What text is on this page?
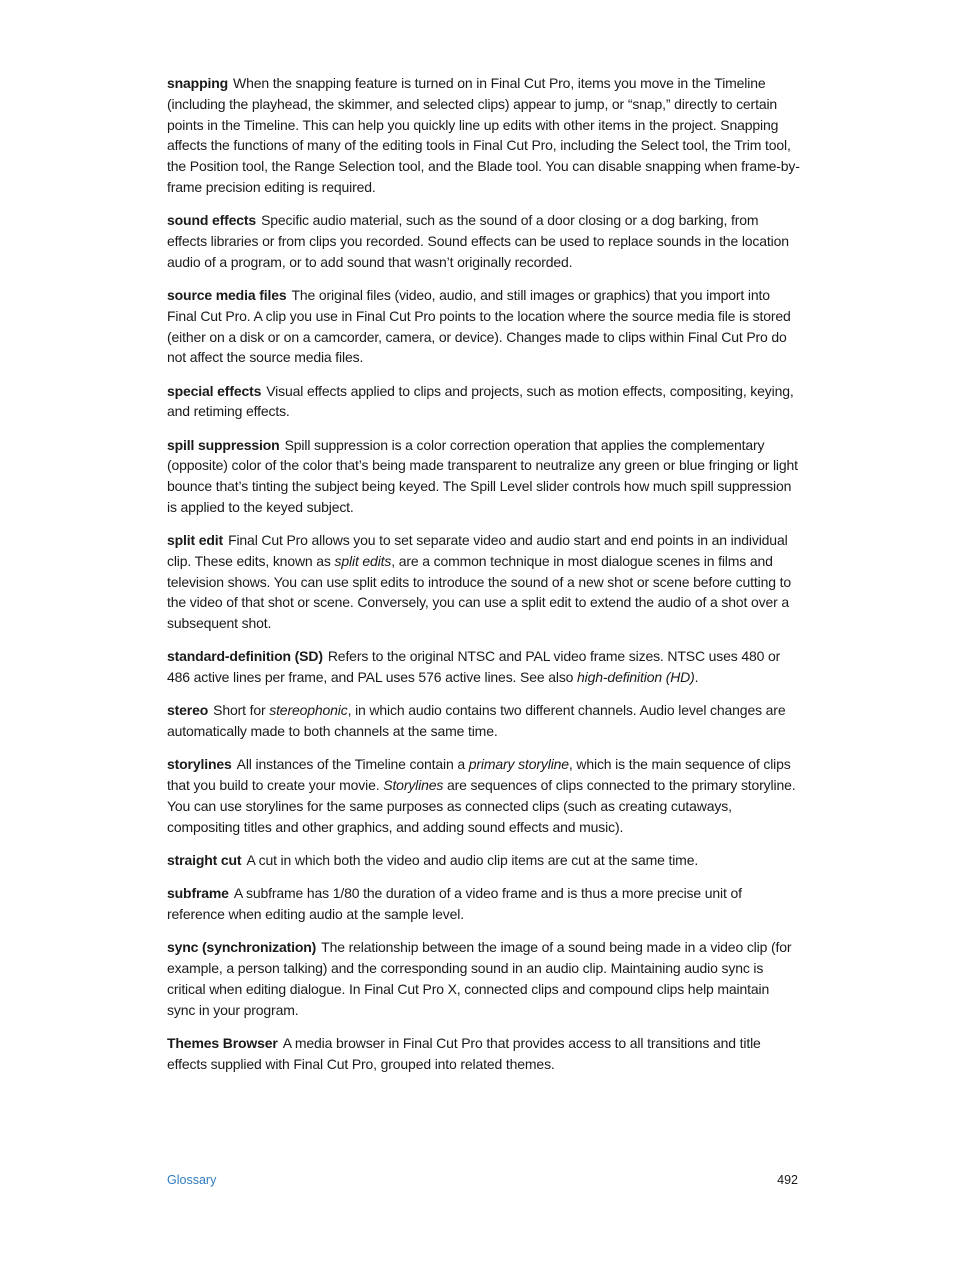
snapping When the snapping feature is turned on in Final Cut Pro, items you move in the Timeline (including the playhead, the skimmer, and selected clips) appear to jump, or “snap,” directly to certain points in the Timeline. This can help you quickly line up edits with other items in the project. Snapping affects the functions of many of the editing tools in Final Cut Pro, including the Select tool, the Trim tool, the Position tool, the Range Selection tool, and the Blade tool. You can disable snapping when frame-by-frame precision editing is required.

sound effects Specific audio material, such as the sound of a door closing or a dog barking, from effects libraries or from clips you recorded. Sound effects can be used to replace sounds in the location audio of a program, or to add sound that wasn’t originally recorded.

source media files The original files (video, audio, and still images or graphics) that you import into Final Cut Pro. A clip you use in Final Cut Pro points to the location where the source media file is stored (either on a disk or on a camcorder, camera, or device). Changes made to clips within Final Cut Pro do not affect the source media files.

special effects Visual effects applied to clips and projects, such as motion effects, compositing, keying, and retiming effects.

spill suppression Spill suppression is a color correction operation that applies the complementary (opposite) color of the color that’s being made transparent to neutralize any green or blue fringing or light bounce that’s tinting the subject being keyed. The Spill Level slider controls how much spill suppression is applied to the keyed subject.

split edit Final Cut Pro allows you to set separate video and audio start and end points in an individual clip. These edits, known as split edits, are a common technique in most dialogue scenes in films and television shows. You can use split edits to introduce the sound of a new shot or scene before cutting to the video of that shot or scene. Conversely, you can use a split edit to extend the audio of a shot over a subsequent shot.

standard-definition (SD) Refers to the original NTSC and PAL video frame sizes. NTSC uses 480 or 486 active lines per frame, and PAL uses 576 active lines. See also high-definition (HD).

stereo Short for stereophonic, in which audio contains two different channels. Audio level changes are automatically made to both channels at the same time.

storylines All instances of the Timeline contain a primary storyline, which is the main sequence of clips that you build to create your movie. Storylines are sequences of clips connected to the primary storyline. You can use storylines for the same purposes as connected clips (such as creating cutaways, compositing titles and other graphics, and adding sound effects and music).

straight cut A cut in which both the video and audio clip items are cut at the same time.

subframe A subframe has 1/80 the duration of a video frame and is thus a more precise unit of reference when editing audio at the sample level.

sync (synchronization) The relationship between the image of a sound being made in a video clip (for example, a person talking) and the corresponding sound in an audio clip. Maintaining audio sync is critical when editing dialogue. In Final Cut Pro X, connected clips and compound clips help maintain sync in your program.

Themes Browser A media browser in Final Cut Pro that provides access to all transitions and title effects supplied with Final Cut Pro, grouped into related themes.

Glossary	492
